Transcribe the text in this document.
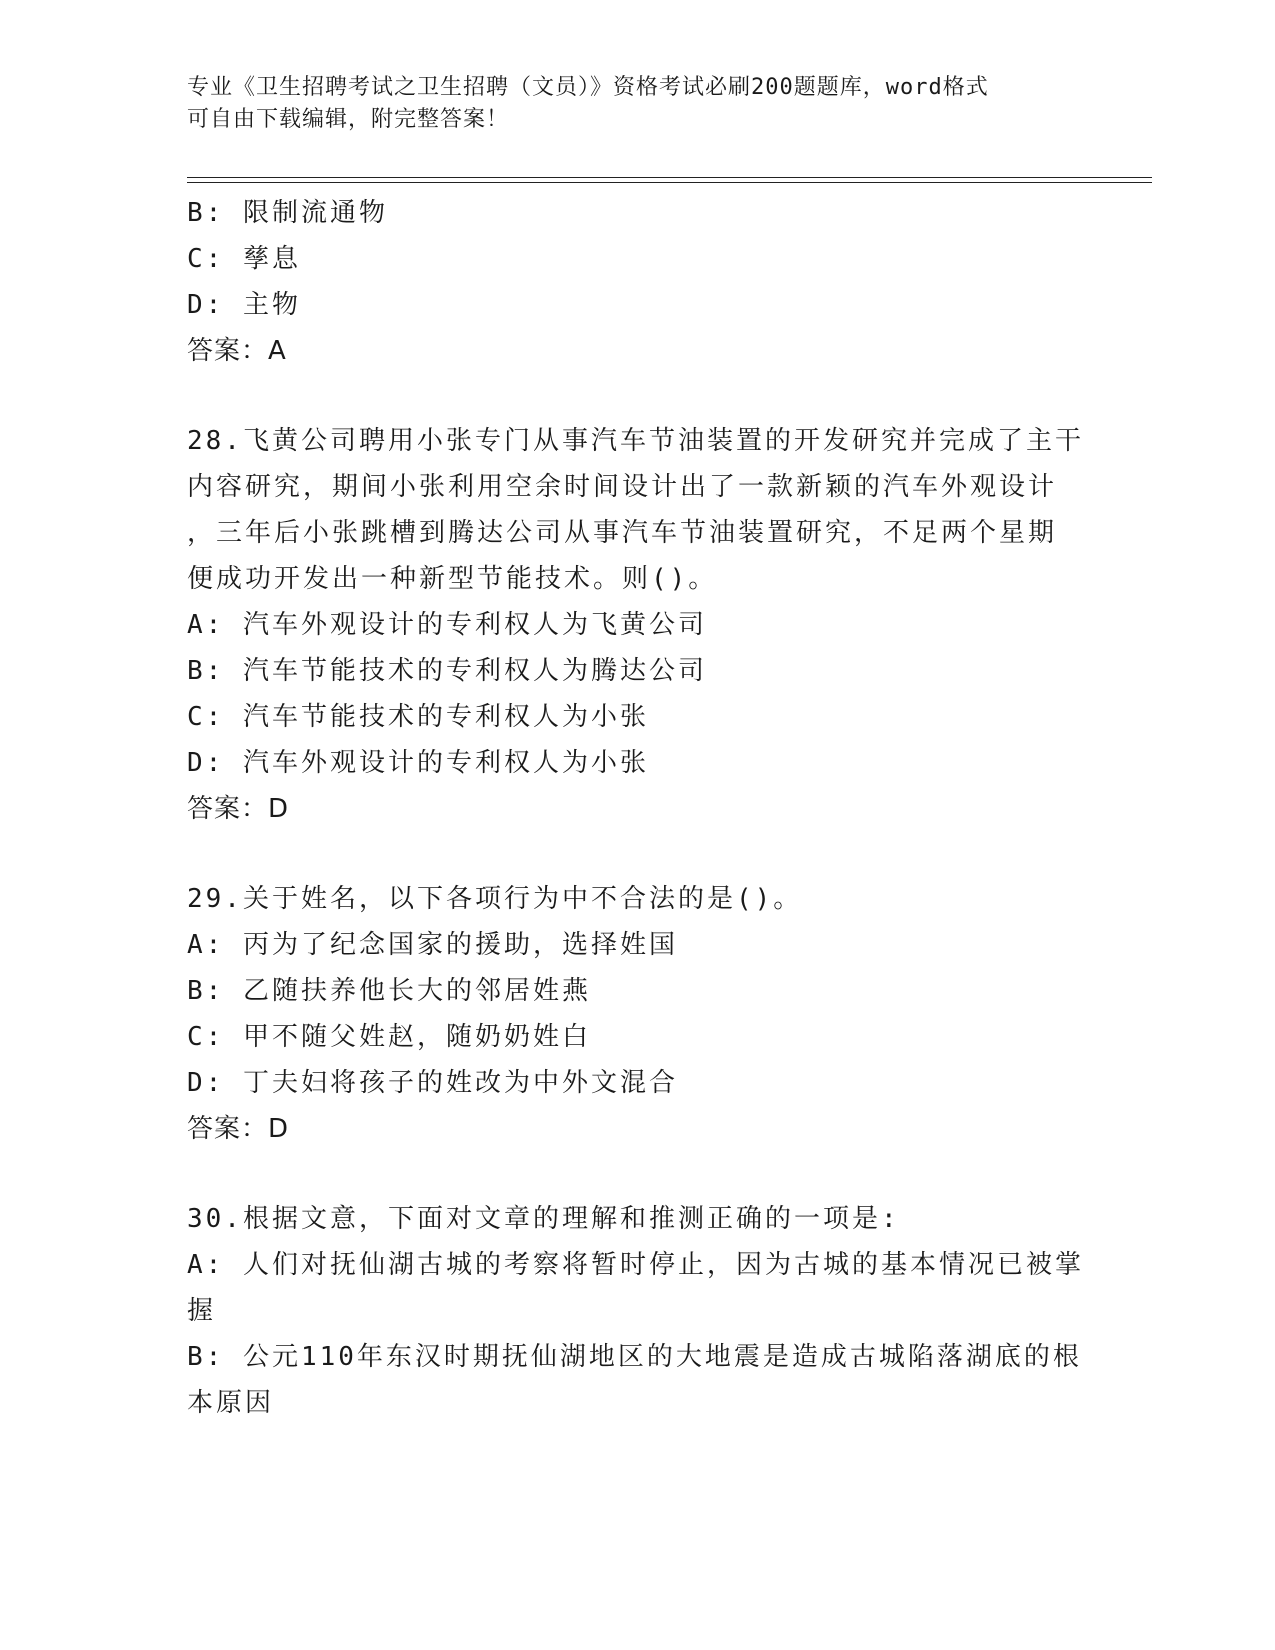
专业《卫生招聘考试之卫生招聘（文员）》资格考试必刷200题题库，word格式
可自由下载编辑，附完整答案！
B: 限制流通物
C: 孳息
D: 主物
答案：A
28.飞黄公司聘用小张专门从事汽车节油装置的开发研究并完成了主干
内容研究，期间小张利用空余时间设计出了一款新颖的汽车外观设计
，三年后小张跳槽到腾达公司从事汽车节油装置研究，不足两个星期
便成功开发出一种新型节能技术。则()。
A: 汽车外观设计的专利权人为飞黄公司
B: 汽车节能技术的专利权人为腾达公司
C: 汽车节能技术的专利权人为小张
D: 汽车外观设计的专利权人为小张
答案：D
29.关于姓名，以下各项行为中不合法的是()。
A: 丙为了纪念国家的援助，选择姓国
B: 乙随扶养他长大的邻居姓燕
C: 甲不随父姓赵，随奶奶姓白
D: 丁夫妇将孩子的姓改为中外文混合
答案：D
30.根据文意，下面对文章的理解和推测正确的一项是:
A: 人们对抚仙湖古城的考察将暂时停止，因为古城的基本情况已被掌
握
B: 公元110年东汉时期抚仙湖地区的大地震是造成古城陷落湖底的根
本原因
